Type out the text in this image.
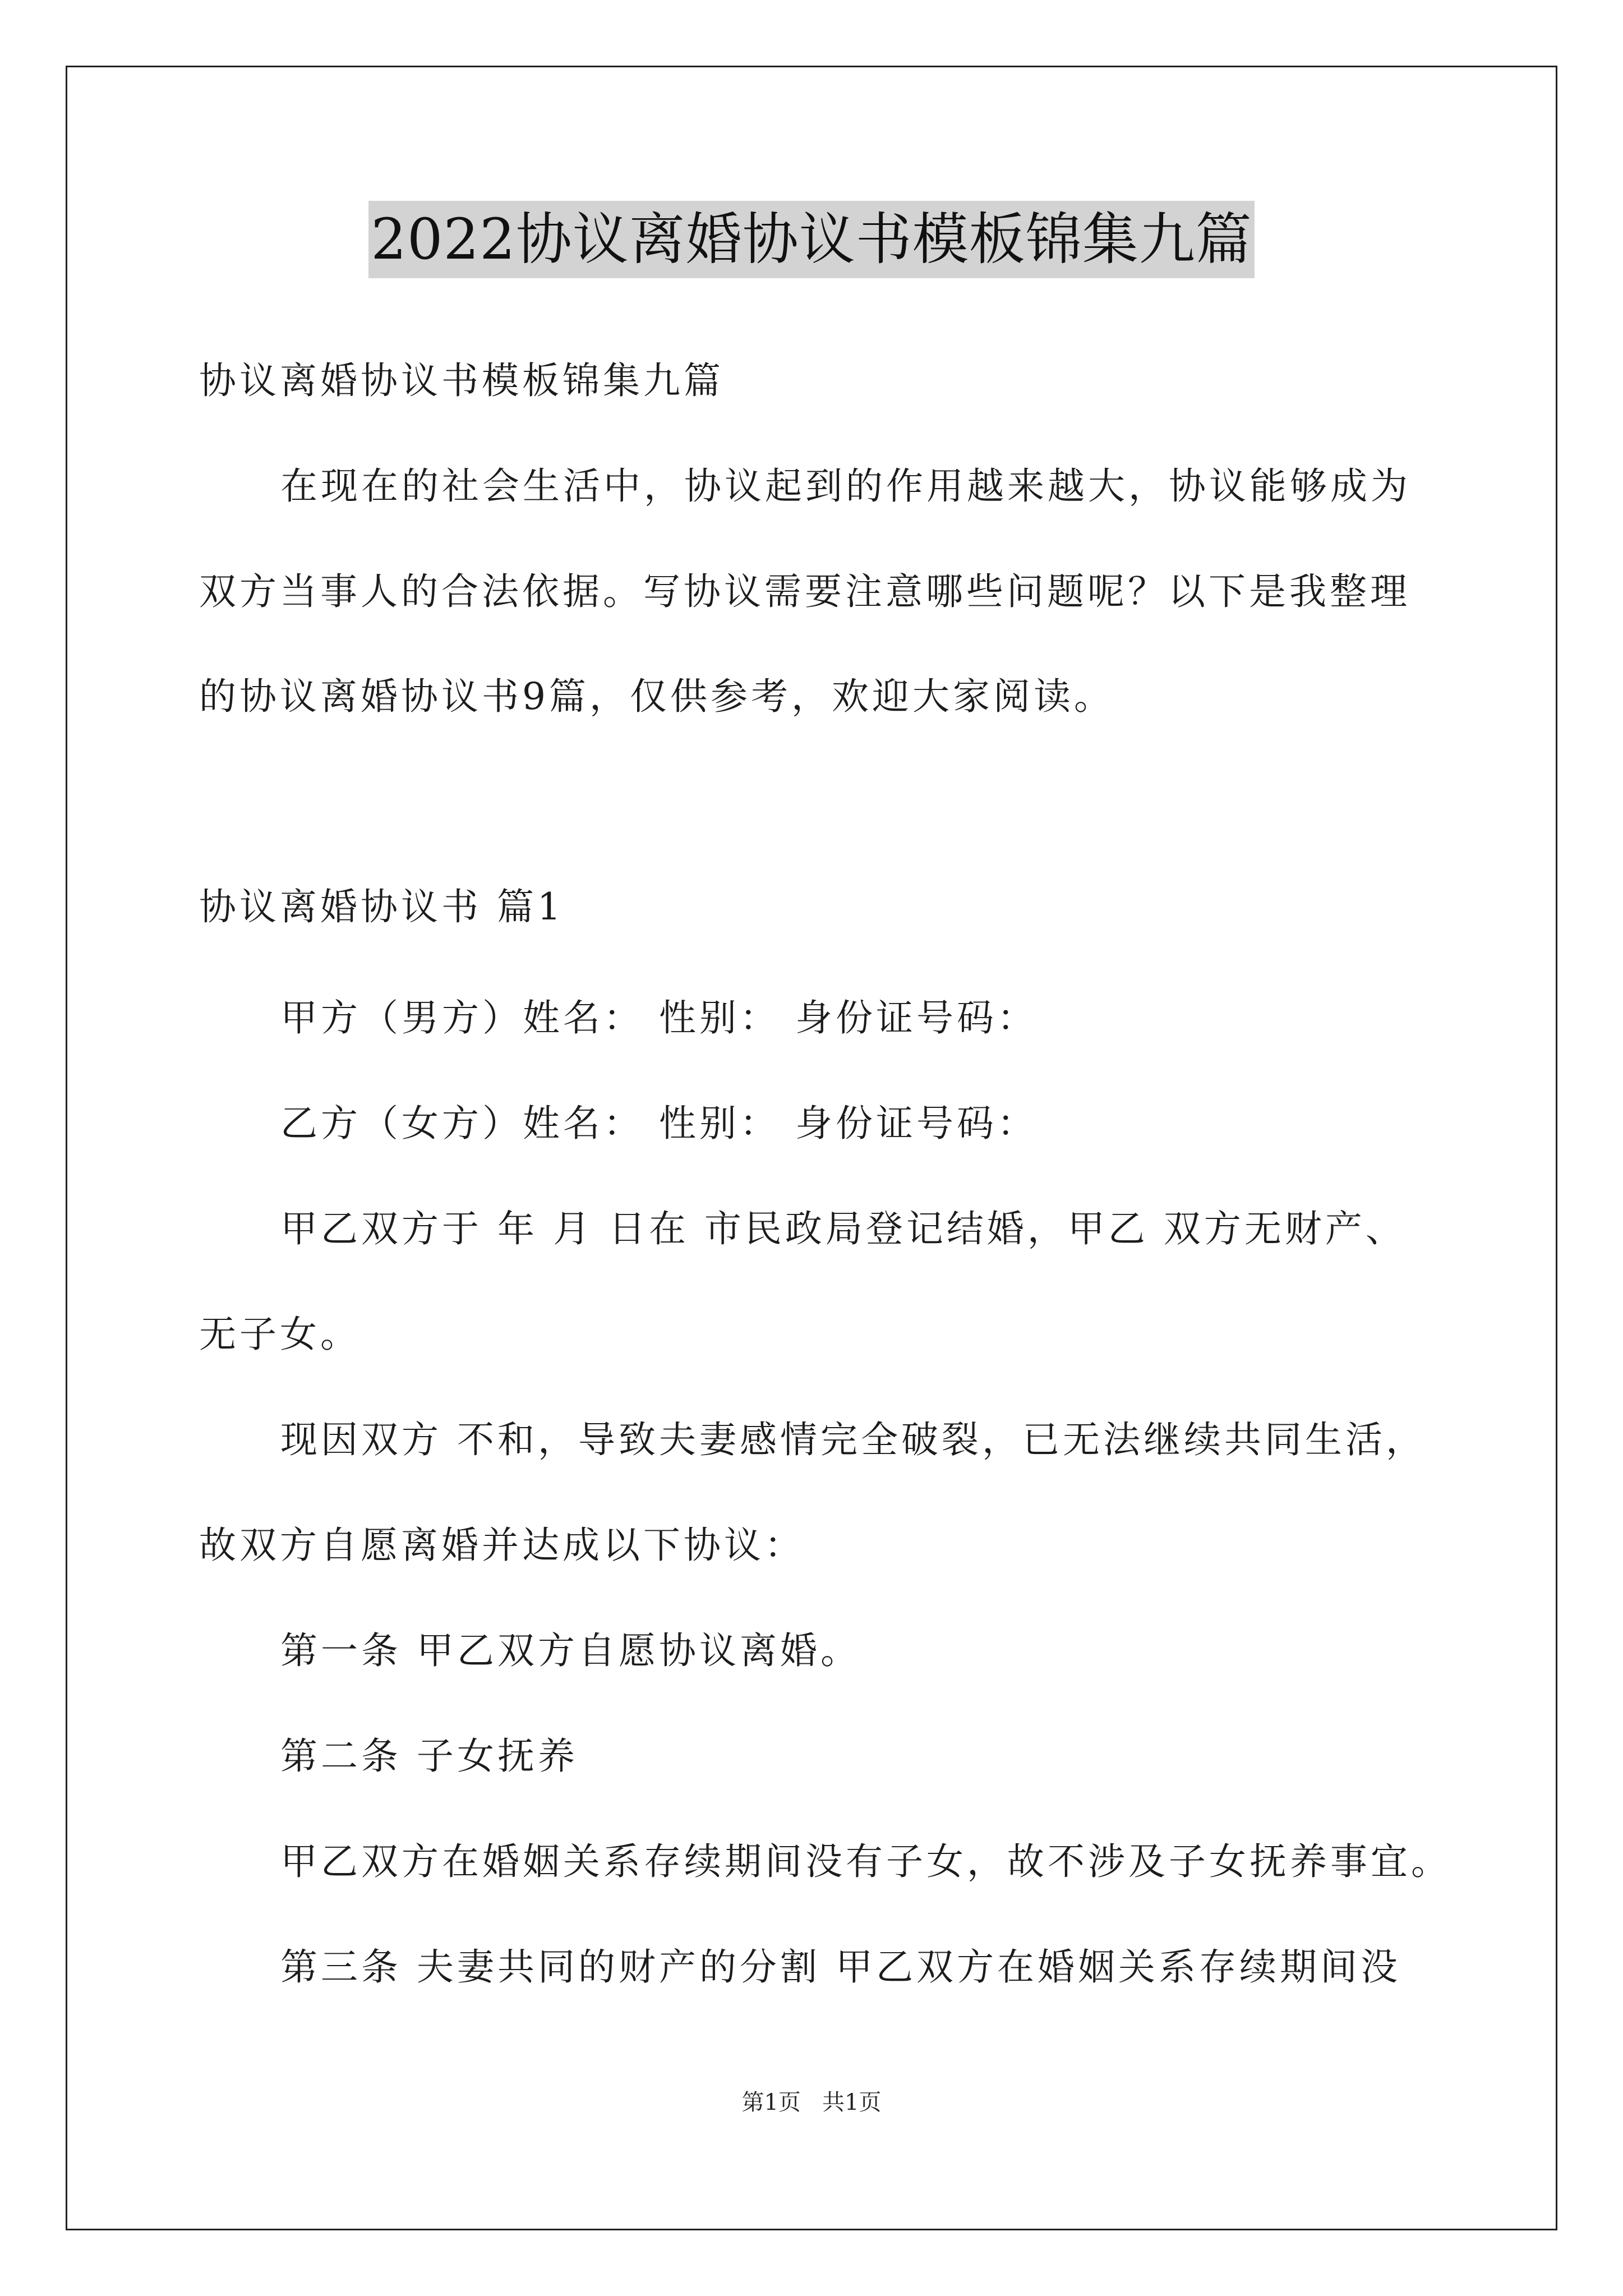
2022协议离婚协议书模板锦集九篇
协议离婚协议书模板锦集九篇
在现在的社会生活中，协议起到的作用越来越大，协议能够成为
双方当事人的合法依据。写协议需要注意哪些问题呢？以下是我整理
的协议离婚协议书9篇，仅供参考，欢迎大家阅读。
协议离婚协议书 篇1
甲方（男方）姓名： 性别： 身份证号码：
乙方（女方）姓名： 性别： 身份证号码：
甲乙双方于 年 月 日在 市民政局登记结婚，甲乙 双方无财产、
无子女。
现因双方 不和，导致夫妻感情完全破裂，已无法继续共同生活，
故双方自愿离婚并达成以下协议：
第一条 甲乙双方自愿协议离婚。
第二条 子女抚养
甲乙双方在婚姻关系存续期间没有子女，故不涉及子女抚养事宜。
第三条 夫妻共同的财产的分割 甲乙双方在婚姻关系存续期间没
第1页   共1页
